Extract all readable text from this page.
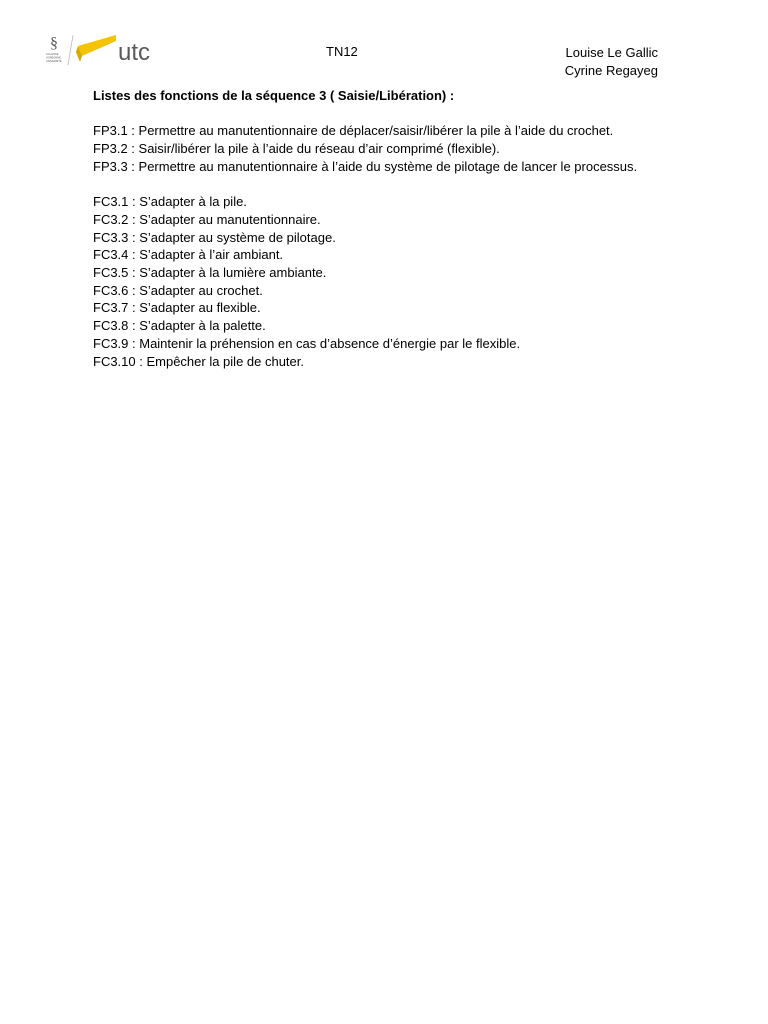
§
ALLIANCE
SORBONNE
UNIVERSITÉ utc	TN12	Louise Le Gallic
Cyrine Regayeg

Listes des fonctions de la séquence 3 ( Saisie/Libération) :

FP3.1 : Permettre au manutentionnaire de déplacer/saisir/libérer la pile à l’aide du crochet.

FP3.2 : Saisir/libérer la pile à l’aide du réseau d’air comprimé (flexible).

FP3.3 : Permettre au manutentionnaire à l’aide du système de pilotage de lancer le processus.

FC3.1 : S’adapter à la pile.

FC3.2 : S’adapter au manutentionnaire.

FC3.3 : S’adapter au système de pilotage.

FC3.4 : S’adapter à l’air ambiant.

FC3.5 : S’adapter à la lumière ambiante.

FC3.6 : S’adapter au crochet.

FC3.7 : S’adapter au flexible.

FC3.8 : S’adapter à la palette.

FC3.9 : Maintenir la préhension en cas d’absence d’énergie par le flexible.

FC3.10 : Empêcher la pile de chuter.
